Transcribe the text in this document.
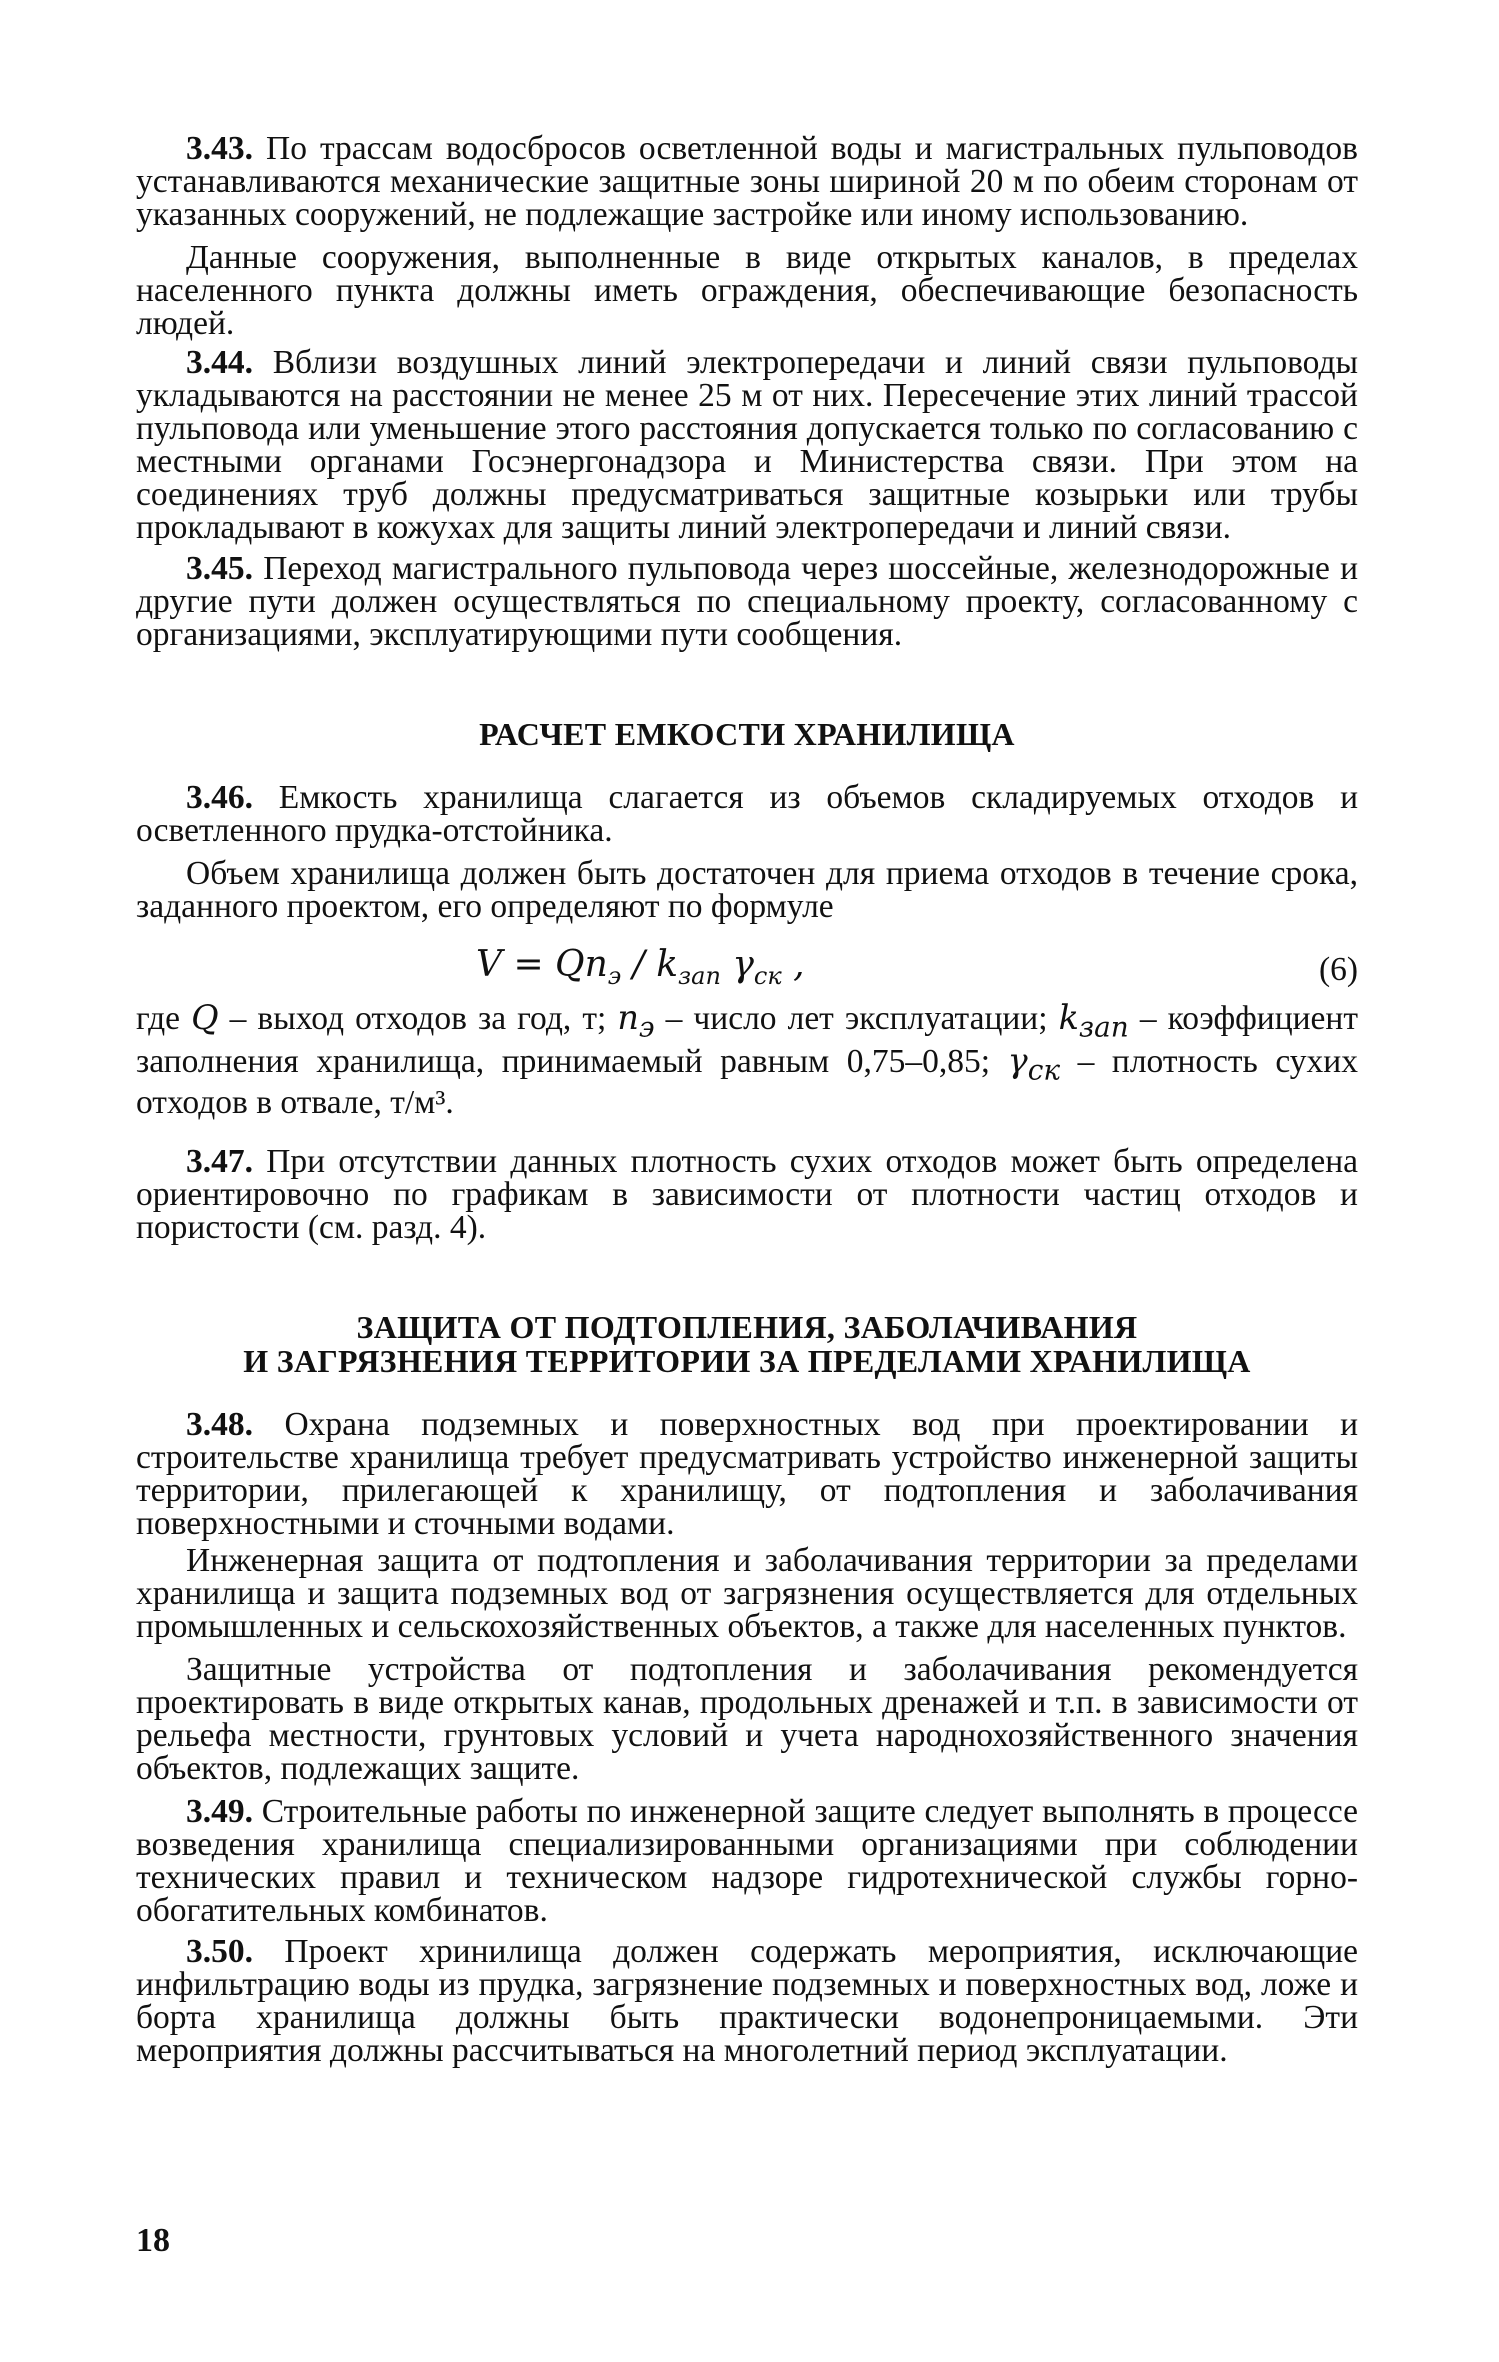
3.43. По трассам водосбросов осветленной воды и магистральных пульповодов устанавливаются механические защитные зоны шириной 20 м по обеим сторонам от указанных сооружений, не подлежащие застройке или иному использованию.

Данные сооружения, выполненные в виде открытых каналов, в пределах населенного пункта должны иметь ограждения, обеспечивающие безопасность людей.

3.44. Вблизи воздушных линий электропередачи и линий связи пульповоды укладываются на расстоянии не менее 25 м от них. Пересечение этих линий трассой пульповода или уменьшение этого расстояния допускается только по согласованию с местными органами Госэнергонадзора и Министерства связи. При этом на соединениях труб должны предусматриваться защитные козырьки или трубы прокладывают в кожухах для защиты линий электропередачи и линий связи.

3.45. Переход магистрального пульповода через шоссейные, железнодорожные и другие пути должен осуществляться по специальному проекту, согласованному с организациями, эксплуатирующими пути сообщения.

РАСЧЕТ ЕМКОСТИ ХРАНИЛИЩА

3.46. Емкость хранилища слагается из объемов складируемых отходов и осветленного прудка-отстойника.

Объем хранилища должен быть достаточен для приема отходов в течение срока, заданного проектом, его определяют по формуле

$V = Qn_э / k_{зап}$ $\gamma_{ск}$ ,	(6)

где Q – выход отходов за год, т; $n_э$ – число лет эксплуатации; $k_{зап}$ – коэффициент заполнения хранилища, принимаемый равным 0,75–0,85; $\gamma_{ск}$ – плотность сухих отходов в отвале, т/м³.

3.47. При отсутствии данных плотность сухих отходов может быть определена ориентировочно по графикам в зависимости от плотности частиц отходов и пористости (см. разд. 4).

ЗАЩИТА ОТ ПОДТОПЛЕНИЯ, ЗАБОЛАЧИВАНИЯ
И ЗАГРЯЗНЕНИЯ ТЕРРИТОРИИ ЗА ПРЕДЕЛАМИ ХРАНИЛИЩА

3.48. Охрана подземных и поверхностных вод при проектировании и строительстве хранилища требует предусматривать устройство инженерной защиты территории, прилегающей к хранилищу, от подтопления и заболачивания поверхностными и сточными водами.

Инженерная защита от подтопления и заболачивания территории за пределами хранилища и защита подземных вод от загрязнения осуществляется для отдельных промышленных и сельскохозяйственных объектов, а также для населенных пунктов.

Защитные устройства от подтопления и заболачивания рекомендуется проектировать в виде открытых канав, продольных дренажей и т.п. в зависимости от рельефа местности, грунтовых условий и учета народнохозяйственного значения объектов, подлежащих защите.

3.49. Строительные работы по инженерной защите следует выполнять в процессе возведения хранилища специализированными организациями при соблюдении технических правил и техническом надзоре гидротехнической службы горно-обогатительных комбинатов.

3.50. Проект хринилища должен содержать мероприятия, исключающие инфильтрацию воды из прудка, загрязнение подземных и поверхностных вод, ложе и борта хранилища должны быть практически водонепроницаемыми. Эти мероприятия должны рассчитываться на многолетний период эксплуатации.

18
